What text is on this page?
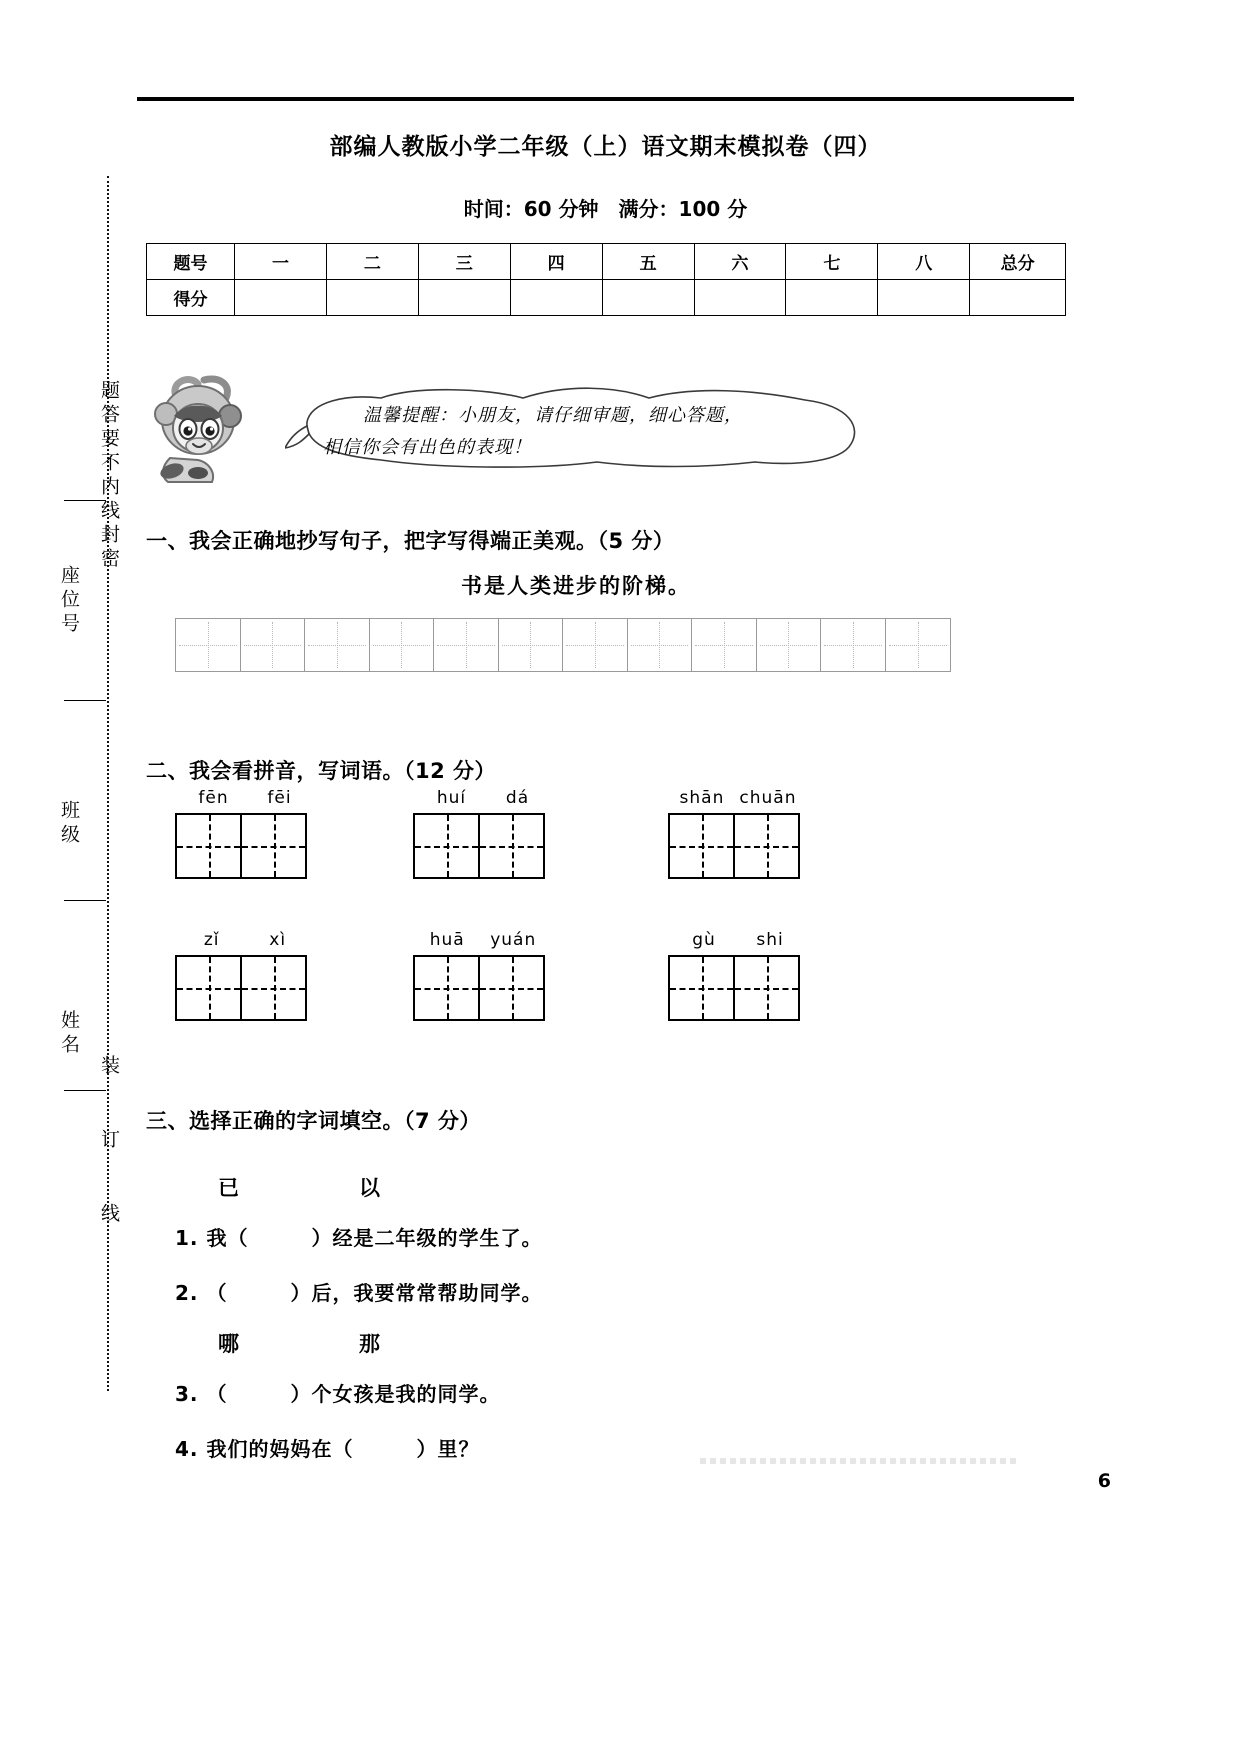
座位号
班级
姓名
题答要不内线封密
装　订　线
部编人教版小学二年级（上）语文期末模拟卷（四）
时间：60 分钟　满分：100 分
题号	一	二	三	四	五	六	七	八	总分
得分									
温馨提醒：小朋友，请仔细审题，细心答题，
相信你会有出色的表现！
一、我会正确地抄写句子，把字写得端正美观。（5 分）
书是人类进步的阶梯。
二、我会看拼音，写词语。（12 分）
fēn fēi	huí dá	shān chuān
zǐ	xì	huā yuán	gù shi
三、选择正确的字词填空。（7 分）
已　　以
1. 我（　　　）经是二年级的学生了。
2. （　　　）后，我要常常帮助同学。
哪　　那
3. （　　　）个女孩是我的同学。
4. 我们的妈妈在（　　　）里？
6
